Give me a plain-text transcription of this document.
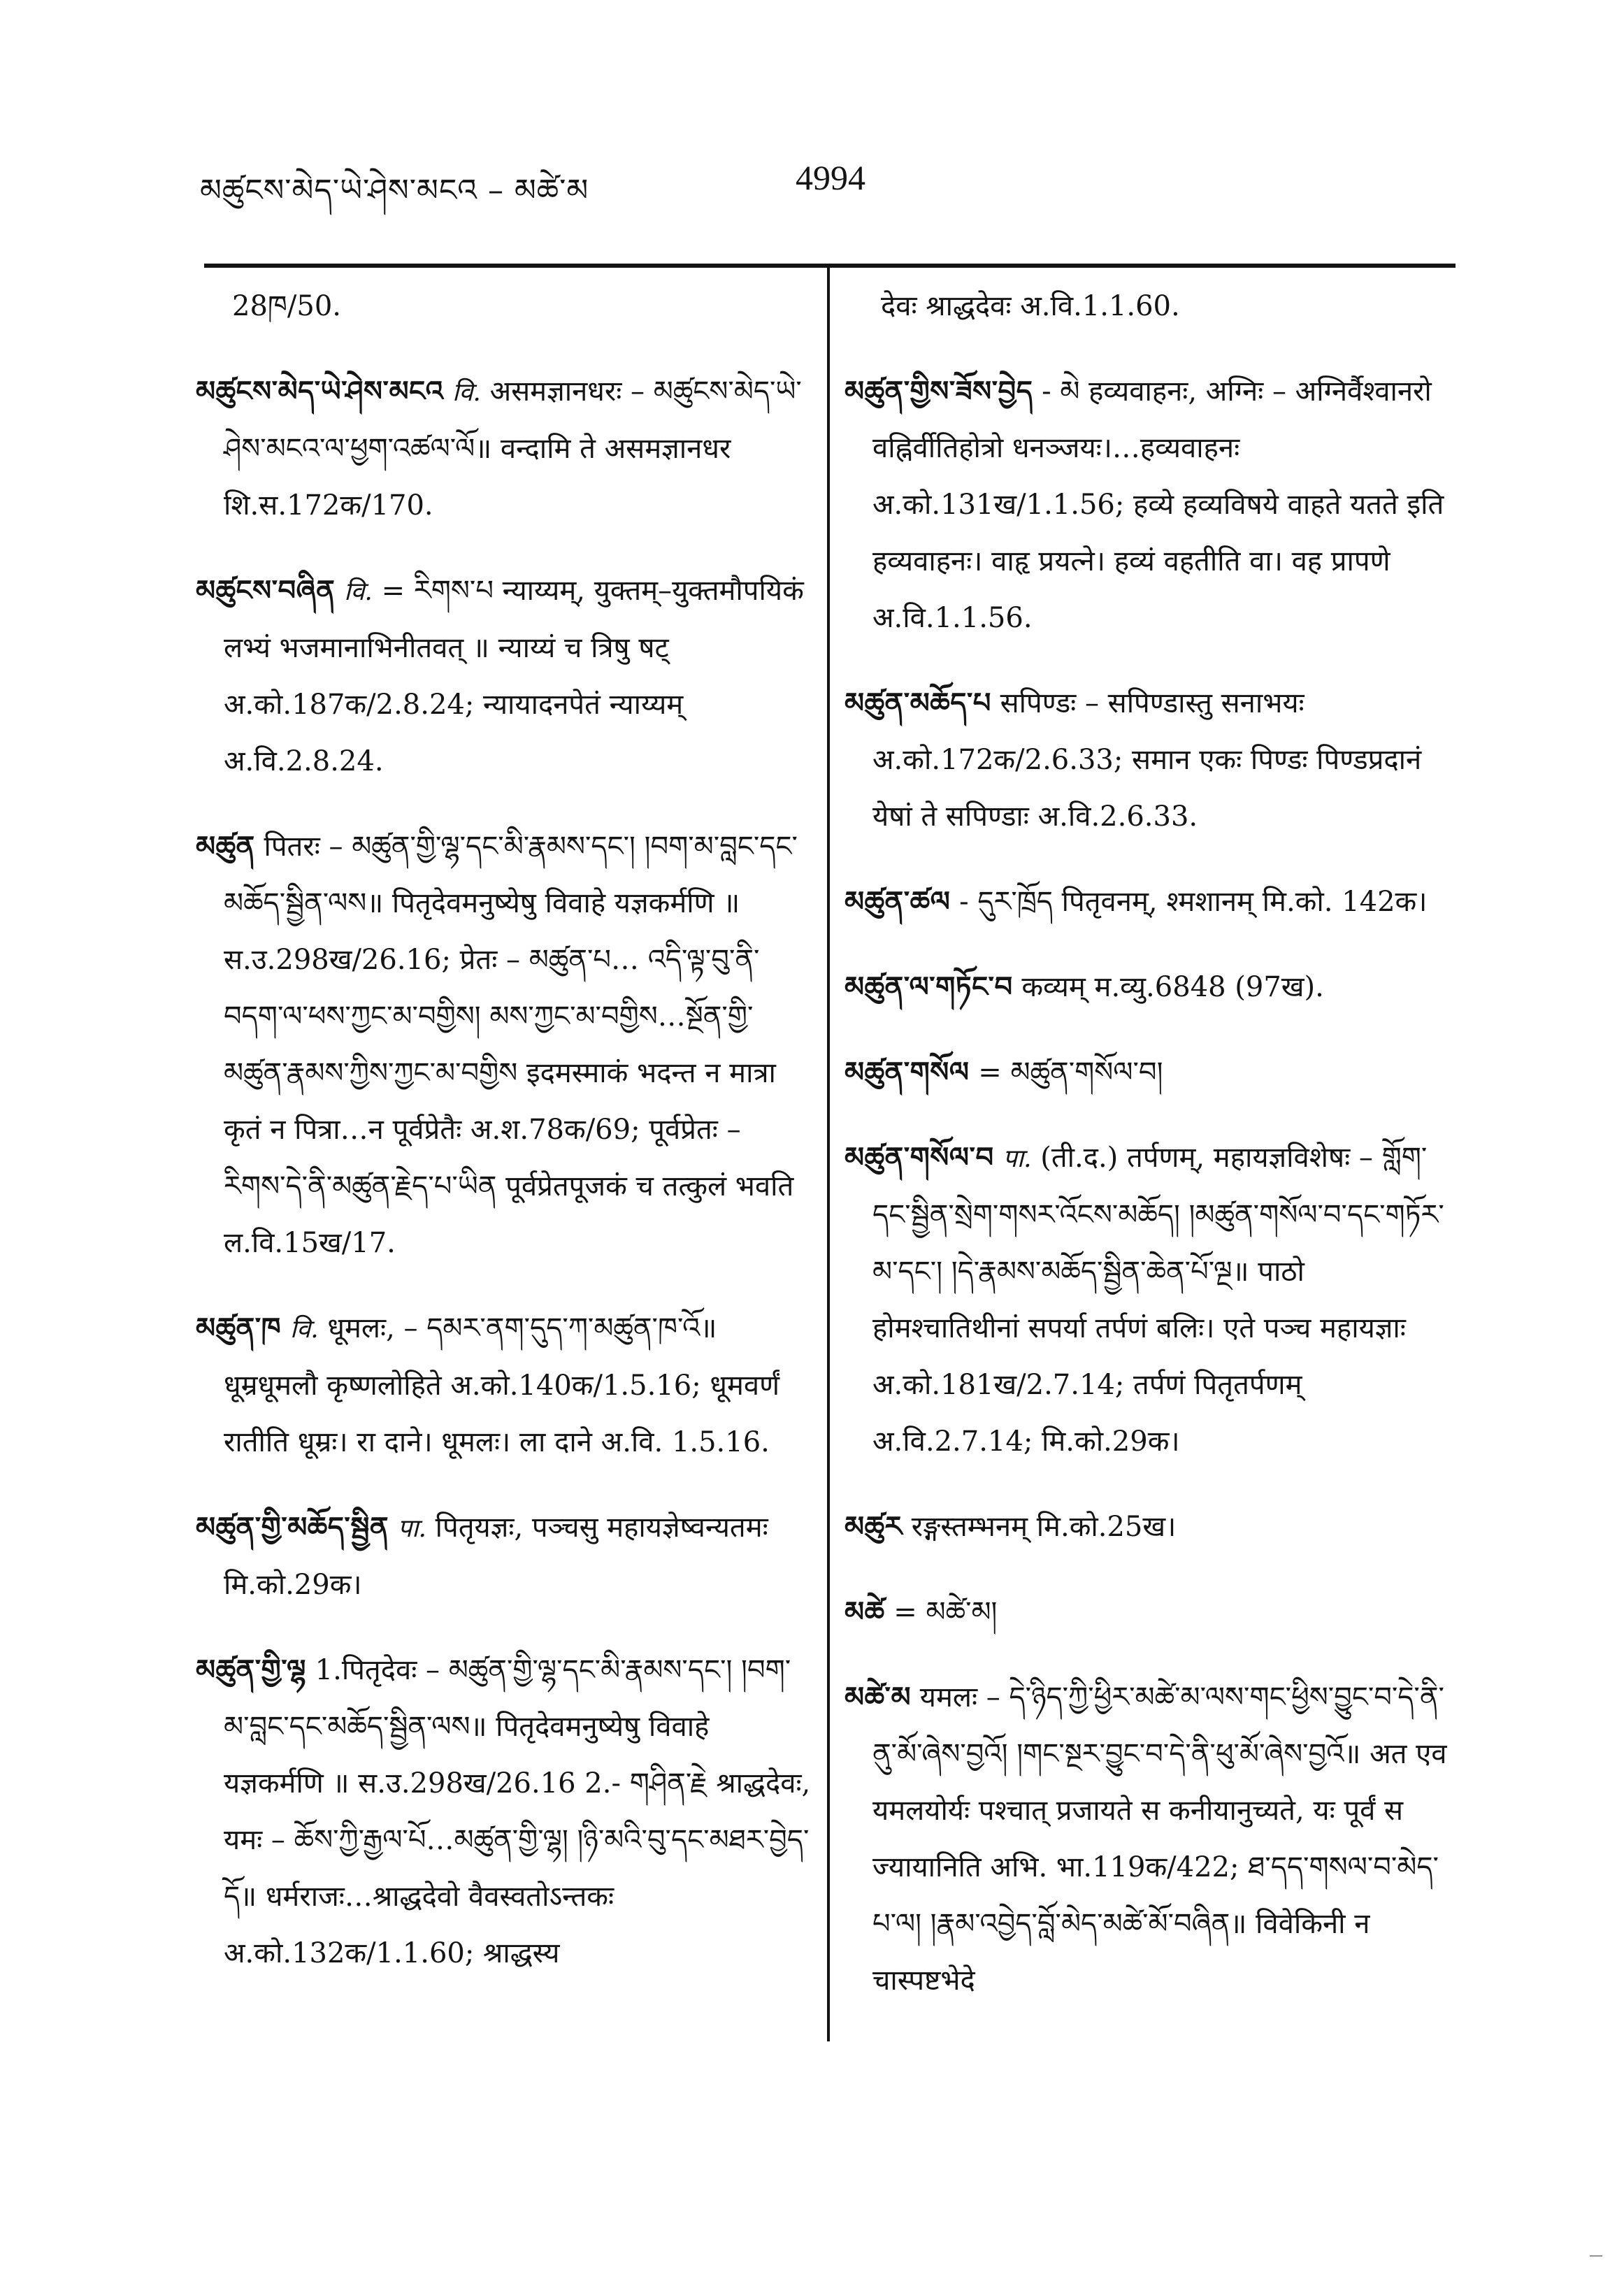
མཚུངས་མེད་ཡེ་ཤེས་མངའ – མཚེ་མ	4994
28ཁ/50.
མཚུངས་མེད་ཡེ་ཤེས་མངའ वि. असमज्ञानधरः – མཚུངས་མེད་ཡེ་ཤེས་མངའ་ལ་ཕྱག་འཚལ་ལོ॥ वन्दामि ते असमज्ञानधर शि.स.172क/170.
མཚུངས་བཞིན वि. = རིགས་པ न्याय्यम्, युक्तम्–युक्तमौपयिकं लभ्यं भजमानाभिनीतवत् ॥ न्याय्यं च त्रिषु षट् अ.को.187क/2.8.24; न्यायादनपेतं न्याय्यम् अ.वि.2.8.24.
མཚུན पितरः – མཚུན་གྱི་ལྷ་དང་མི་རྣམས་དང་། །བག་མ་བླང་དང་མཆོད་སྦྱིན་ལས॥ पितृदेवमनुष्येषु विवाहे यज्ञकर्मणि ॥ स.उ.298ख/26.16; प्रेतः – མཚུན་པ… འདི་ལྟ་བུ་ནི་བདག་ལ་ཕས་ཀྱང་མ་བགྱིས། མས་ཀྱང་མ་བགྱིས…སྔོན་གྱི་མཚུན་རྣམས་ཀྱིས་ཀྱང་མ་བགྱིས इदमस्माकं भदन्त न मात्रा कृतं न पित्रा…न पूर्वप्रेतैः अ.श.78क/69; पूर्वप्रेतः – རིགས་དེ་ནི་མཚུན་རྗེད་པ་ཡིན पूर्वप्रेतपूजकं च तत्कुलं भवति ल.वि.15ख/17.
མཚུན་ཁ वि. धूमलः, – དམར་ནག་དུད་ཀ་མཚུན་ཁ་འོ॥ धूम्रधूमलौ कृष्णलोहिते अ.को.140क/1.5.16; धूमवर्णं रातीति धूम्रः। रा दाने। धूमलः। ला दाने अ.वि. 1.5.16.
མཚུན་གྱི་མཆོད་སྦྱིན पा. पितृयज्ञः, पञ्चसु महायज्ञेष्वन्यतमः मि.को.29क।
མཚུན་གྱི་ལྷ 1.पितृदेवः – མཚུན་གྱི་ལྷ་དང་མི་རྣམས་དང་། །བག་མ་བླང་དང་མཆོད་སྦྱིན་ལས॥ पितृदेवमनुष्येषु विवाहे यज्ञकर्मणि ॥ स.उ.298ख/26.16 2.- གཤིན་རྗེ श्राद्धदेवः, यमः – ཆོས་ཀྱི་རྒྱལ་པོ…མཚུན་གྱི་ལྷ། །ཉི་མའི་བུ་དང་མཐར་བྱེད་དོ॥ धर्मराजः…श्राद्धदेवो वैवस्वतोऽन्तकः अ.को.132क/1.1.60; श्राद्धस्य
देवः श्राद्धदेवः अ.वि.1.1.60.
མཚུན་གྱིས་ཟོས་བྱེད - མེ हव्यवाहनः, अग्निः – अग्निर्वैश्वानरो वह्निर्वीतिहोत्रो धनञ्जयः।…हव्यवाहनः अ.को.131ख/1.1.56; हव्ये हव्यविषये वाहते यतते इति हव्यवाहनः। वाहृ प्रयत्ने। हव्यं वहतीति वा। वह प्रापणे अ.वि.1.1.56.
མཚུན་མཆོད་པ सपिण्डः – सपिण्डास्तु सनाभयः अ.को.172क/2.6.33; समान एकः पिण्डः पिण्डप्रदानं येषां ते सपिण्डाः अ.वि.2.6.33.
མཚུན་ཚལ - དུར་ཁྲོད पितृवनम्, श्मशानम् मि.को. 142क।
མཚུན་ལ་གཏོང་བ कव्यम् म.व्यु.6848 (97ख).
མཚུན་གསོལ = མཚུན་གསོལ་བ།
མཚུན་གསོལ་བ पा. (ती.द.) तर्पणम्, महायज्ञविशेषः – གློག་དང་སྦྱིན་སྲེག་གསར་འོངས་མཆོད། །མཚུན་གསོལ་བ་དང་གཏོར་མ་དང་། །དེ་རྣམས་མཆོད་སྦྱིན་ཆེན་པོ་ལྔ॥ पाठो होमश्चातिथीनां सपर्या तर्पणं बलिः। एते पञ्च महायज्ञाः अ.को.181ख/2.7.14; तर्पणं पितृतर्पणम् अ.वि.2.7.14; मि.को.29क।
མཚུར रङ्गस्तम्भनम् मि.को.25ख।
མཚེ = མཚེ་མ།
མཚེ་མ यमलः – དེ་ཉིད་ཀྱི་ཕྱིར་མཚེ་མ་ལས་གང་ཕྱིས་བྱུང་བ་དེ་ནི་ནུ་མོ་ཞེས་བྱའོ། །གང་སྔར་བྱུང་བ་དེ་ནི་ཕུ་མོ་ཞེས་བྱའོ॥ अत एव यमलयोर्यः पश्चात् प्रजायते स कनीयानुच्यते, यः पूर्वं स ज्यायानिति अभि. भा.119क/422; ཐ་དད་གསལ་བ་མེད་པ་ལ། །རྣམ་འབྱེད་བློ་མེད་མཚེ་མོ་བཞིན॥ विवेकिनी न चास्पष्टभेदे
—
